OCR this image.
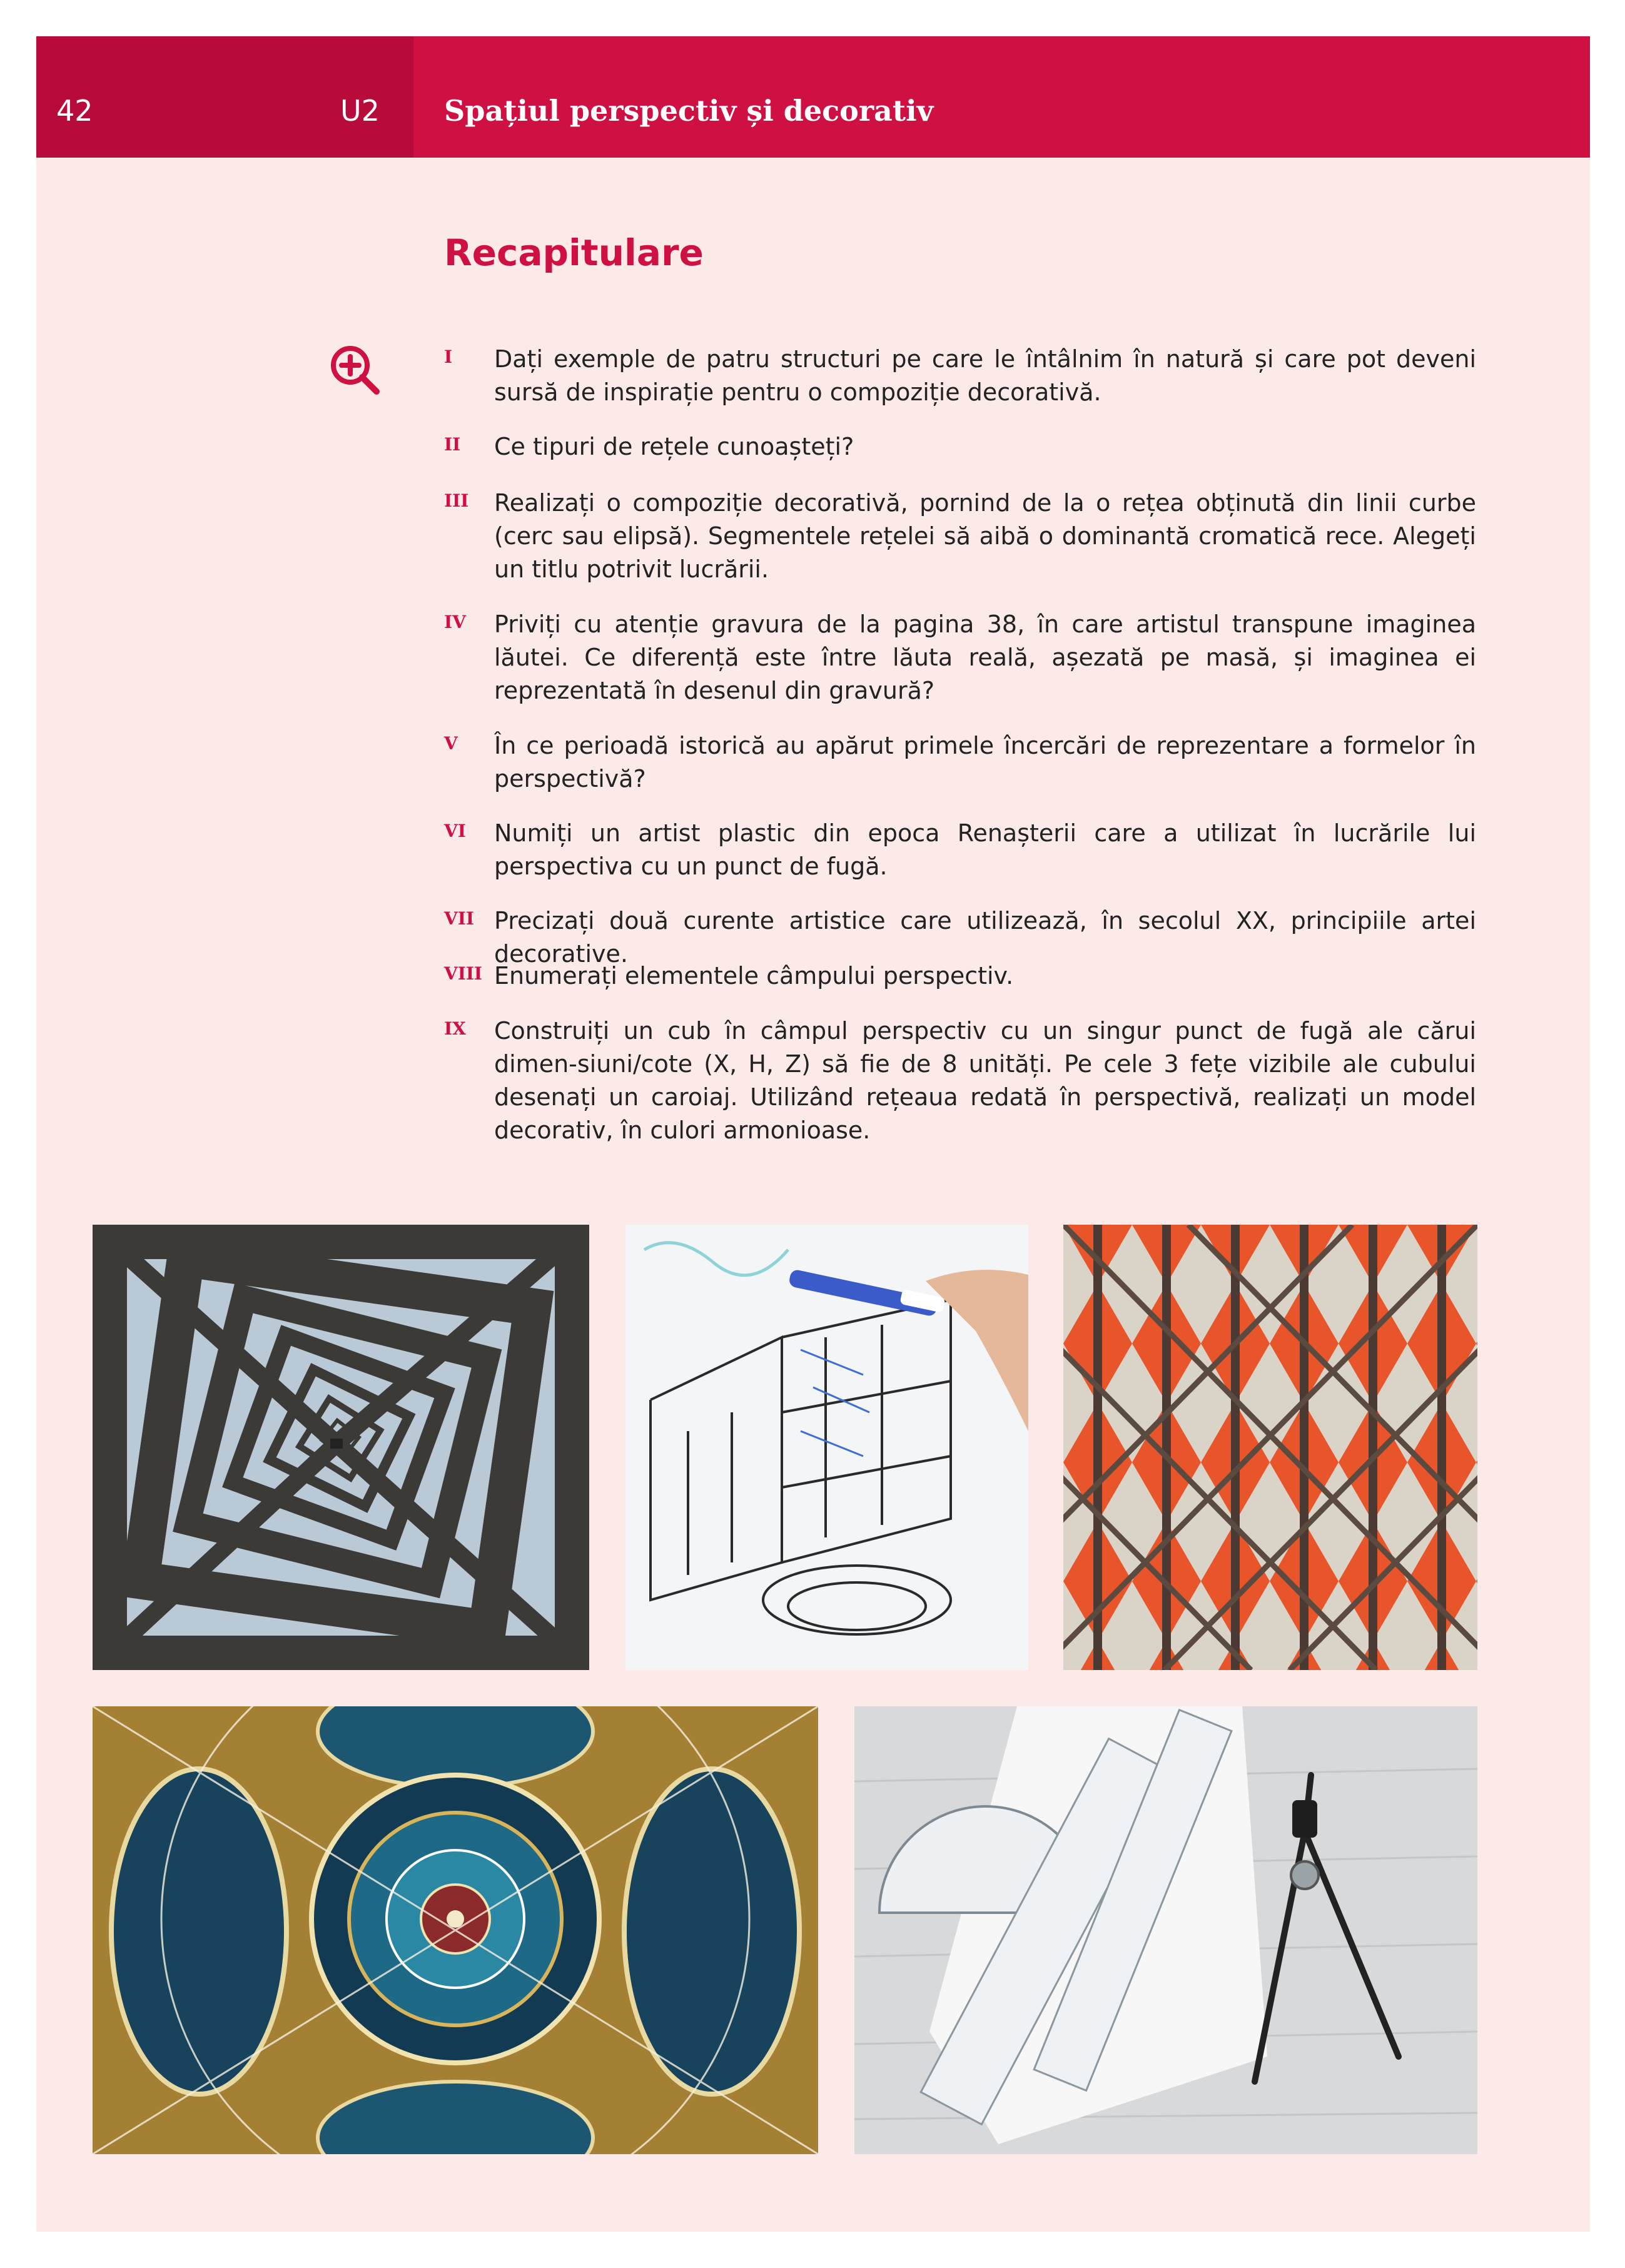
42	U2 Spațiul perspectiv și decorativ
Recapitulare
I	Dați exemple de patru structuri pe care le întâlnim în natură și care pot deveni sursă de inspirație pentru o compoziție decorativă.
II	Ce tipuri de rețele cunoașteți?
III	Realizați o compoziție decorativă, pornind de la o rețea obținută din linii curbe (cerc sau elipsă). Segmentele rețelei să aibă o dominantă cromatică rece. Alegeți un titlu potrivit lucrării.
IV	Priviți cu atenție gravura de la pagina 38, în care artistul transpune imaginea lăutei. Ce diferență este între lăuta reală, așezată pe masă, și imaginea ei reprezentată în desenul din gravură?
V	În ce perioadă istorică au apărut primele încercări de reprezentare a formelor în perspectivă?
VI	Numiți un artist plastic din epoca Renașterii care a utilizat în lucrările lui perspectiva cu un punct de fugă.
VII Precizați două curente artistice care utilizează, în secolul XX, principiile artei decorative.
VIII Enumerați elementele câmpului perspectiv.
IX	Construiți un cub în câmpul perspectiv cu un singur punct de fugă ale cărui dimen-siuni/cote (X, H, Z) să fie de 8 unități. Pe cele 3 fețe vizibile ale cubului desenați un caroiaj. Utilizând rețeaua redată în perspectivă, realizați un model decorativ, în culori armonioase.
